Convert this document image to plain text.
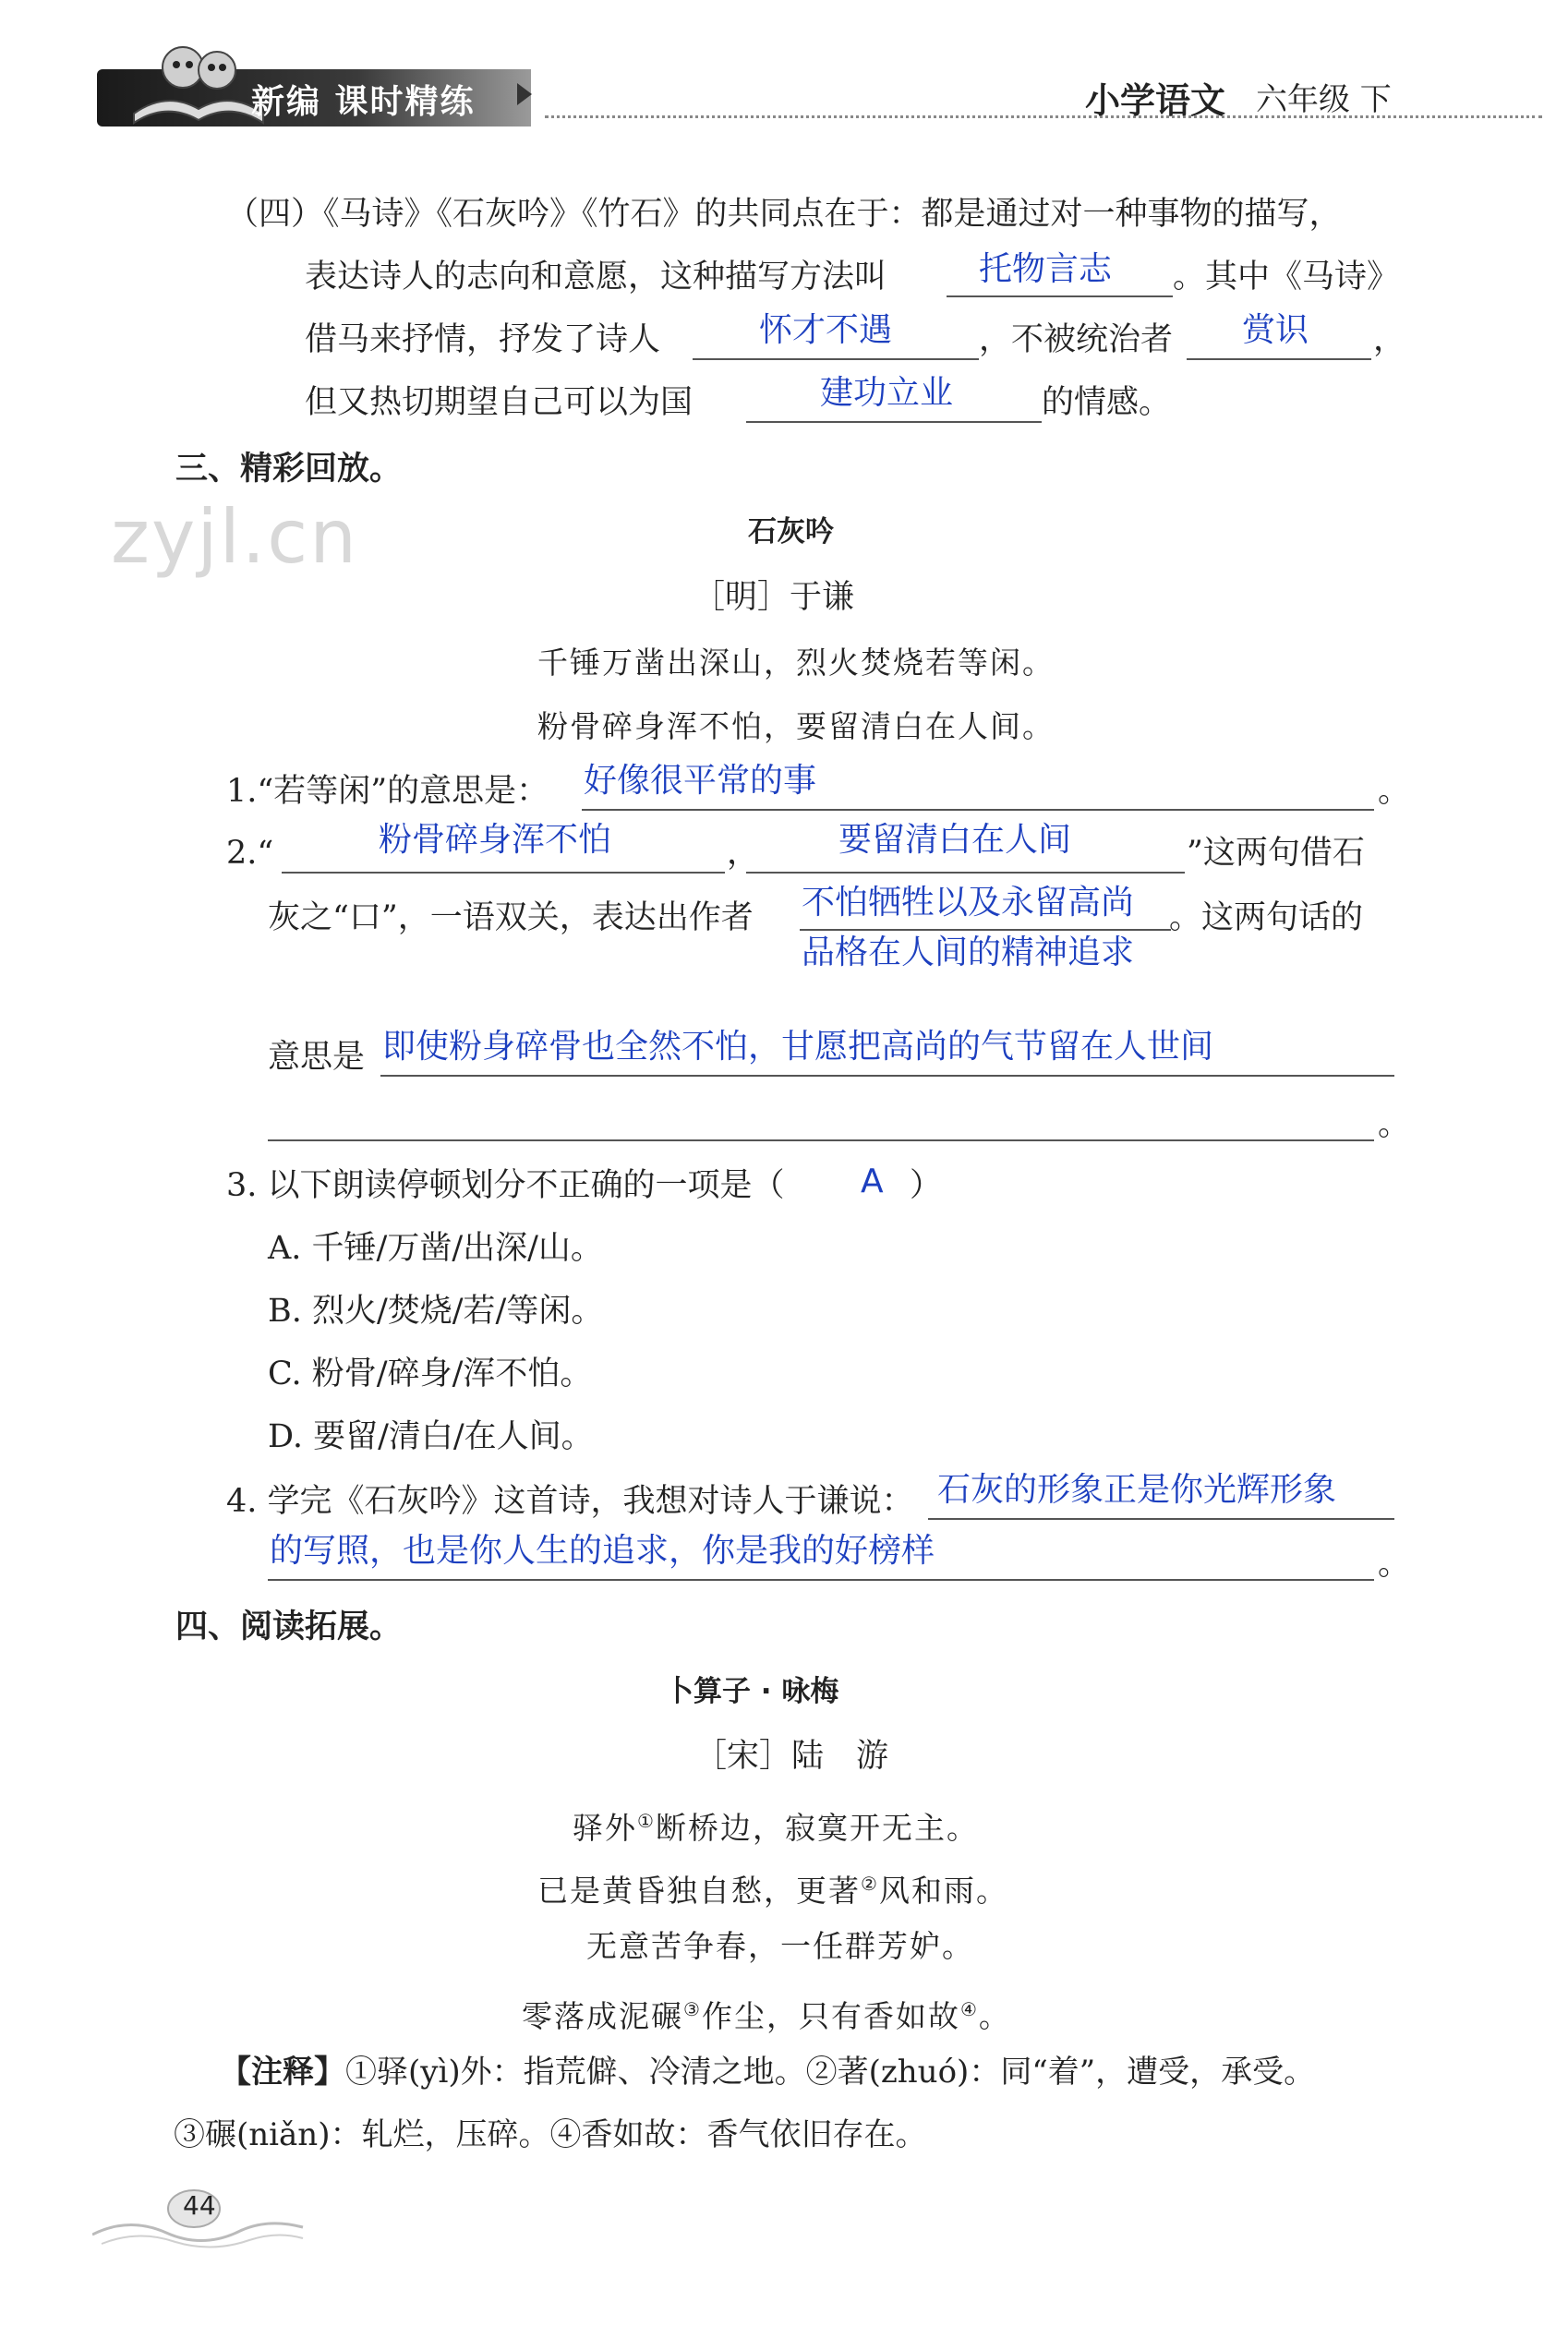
新编 课时精练	小学语文 六年级 下
（四）《马诗》《石灰吟》《竹石》的共同点在于：都是通过对一种事物的描写，
表达诗人的志向和意愿，这种描写方法叫	托物言志 。其中《马诗》
借马来抒情，抒发了诗人	怀才不遇	，不被统治者 赏识 ，
但又热切期望自己可以为国	建功立业	的情感。
三、精彩回放。
zyjl.cn	石灰吟
［明］于谦
千锤万凿出深山，烈火焚烧若等闲。
粉骨碎身浑不怕，要留清白在人间。
1.“若等闲”的意思是： 好像很平常的事	。
2.“	粉骨碎身浑不怕	， 要留清白在人间	”这两句借石
灰之“口”，一语双关，表达出作者 不怕牺牲以及永留高尚 。这两句话的
品格在人间的精神追求
意思是 即使粉身碎骨也全然不怕，甘愿把高尚的气节留在人世间
。
3. 以下朗读停顿划分不正确的一项是（ A ）
A. 千锤/万凿/出深/山。
B. 烈火/焚烧/若/等闲。
C. 粉骨/碎身/浑不怕。
D. 要留/清白/在人间。
4. 学完《石灰吟》这首诗，我想对诗人于谦说： 石灰的形象正是你光辉形象
的写照，也是你人生的追求，你是我的好榜样	。
四、阅读拓展。
卜算子 · 咏梅
［宋］陆　游
驿外①断桥边，寂寞开无主。
已是黄昏独自愁，更著②风和雨。
无意苦争春，一任群芳妒。
零落成泥碾③作尘，只有香如故④。
【注释】①驿(yì)外：指荒僻、冷清之地。②著(zhuó)：同“着”，遭受，承受。
③碾(niǎn)：轧烂，压碎。④香如故：香气依旧存在。
44
